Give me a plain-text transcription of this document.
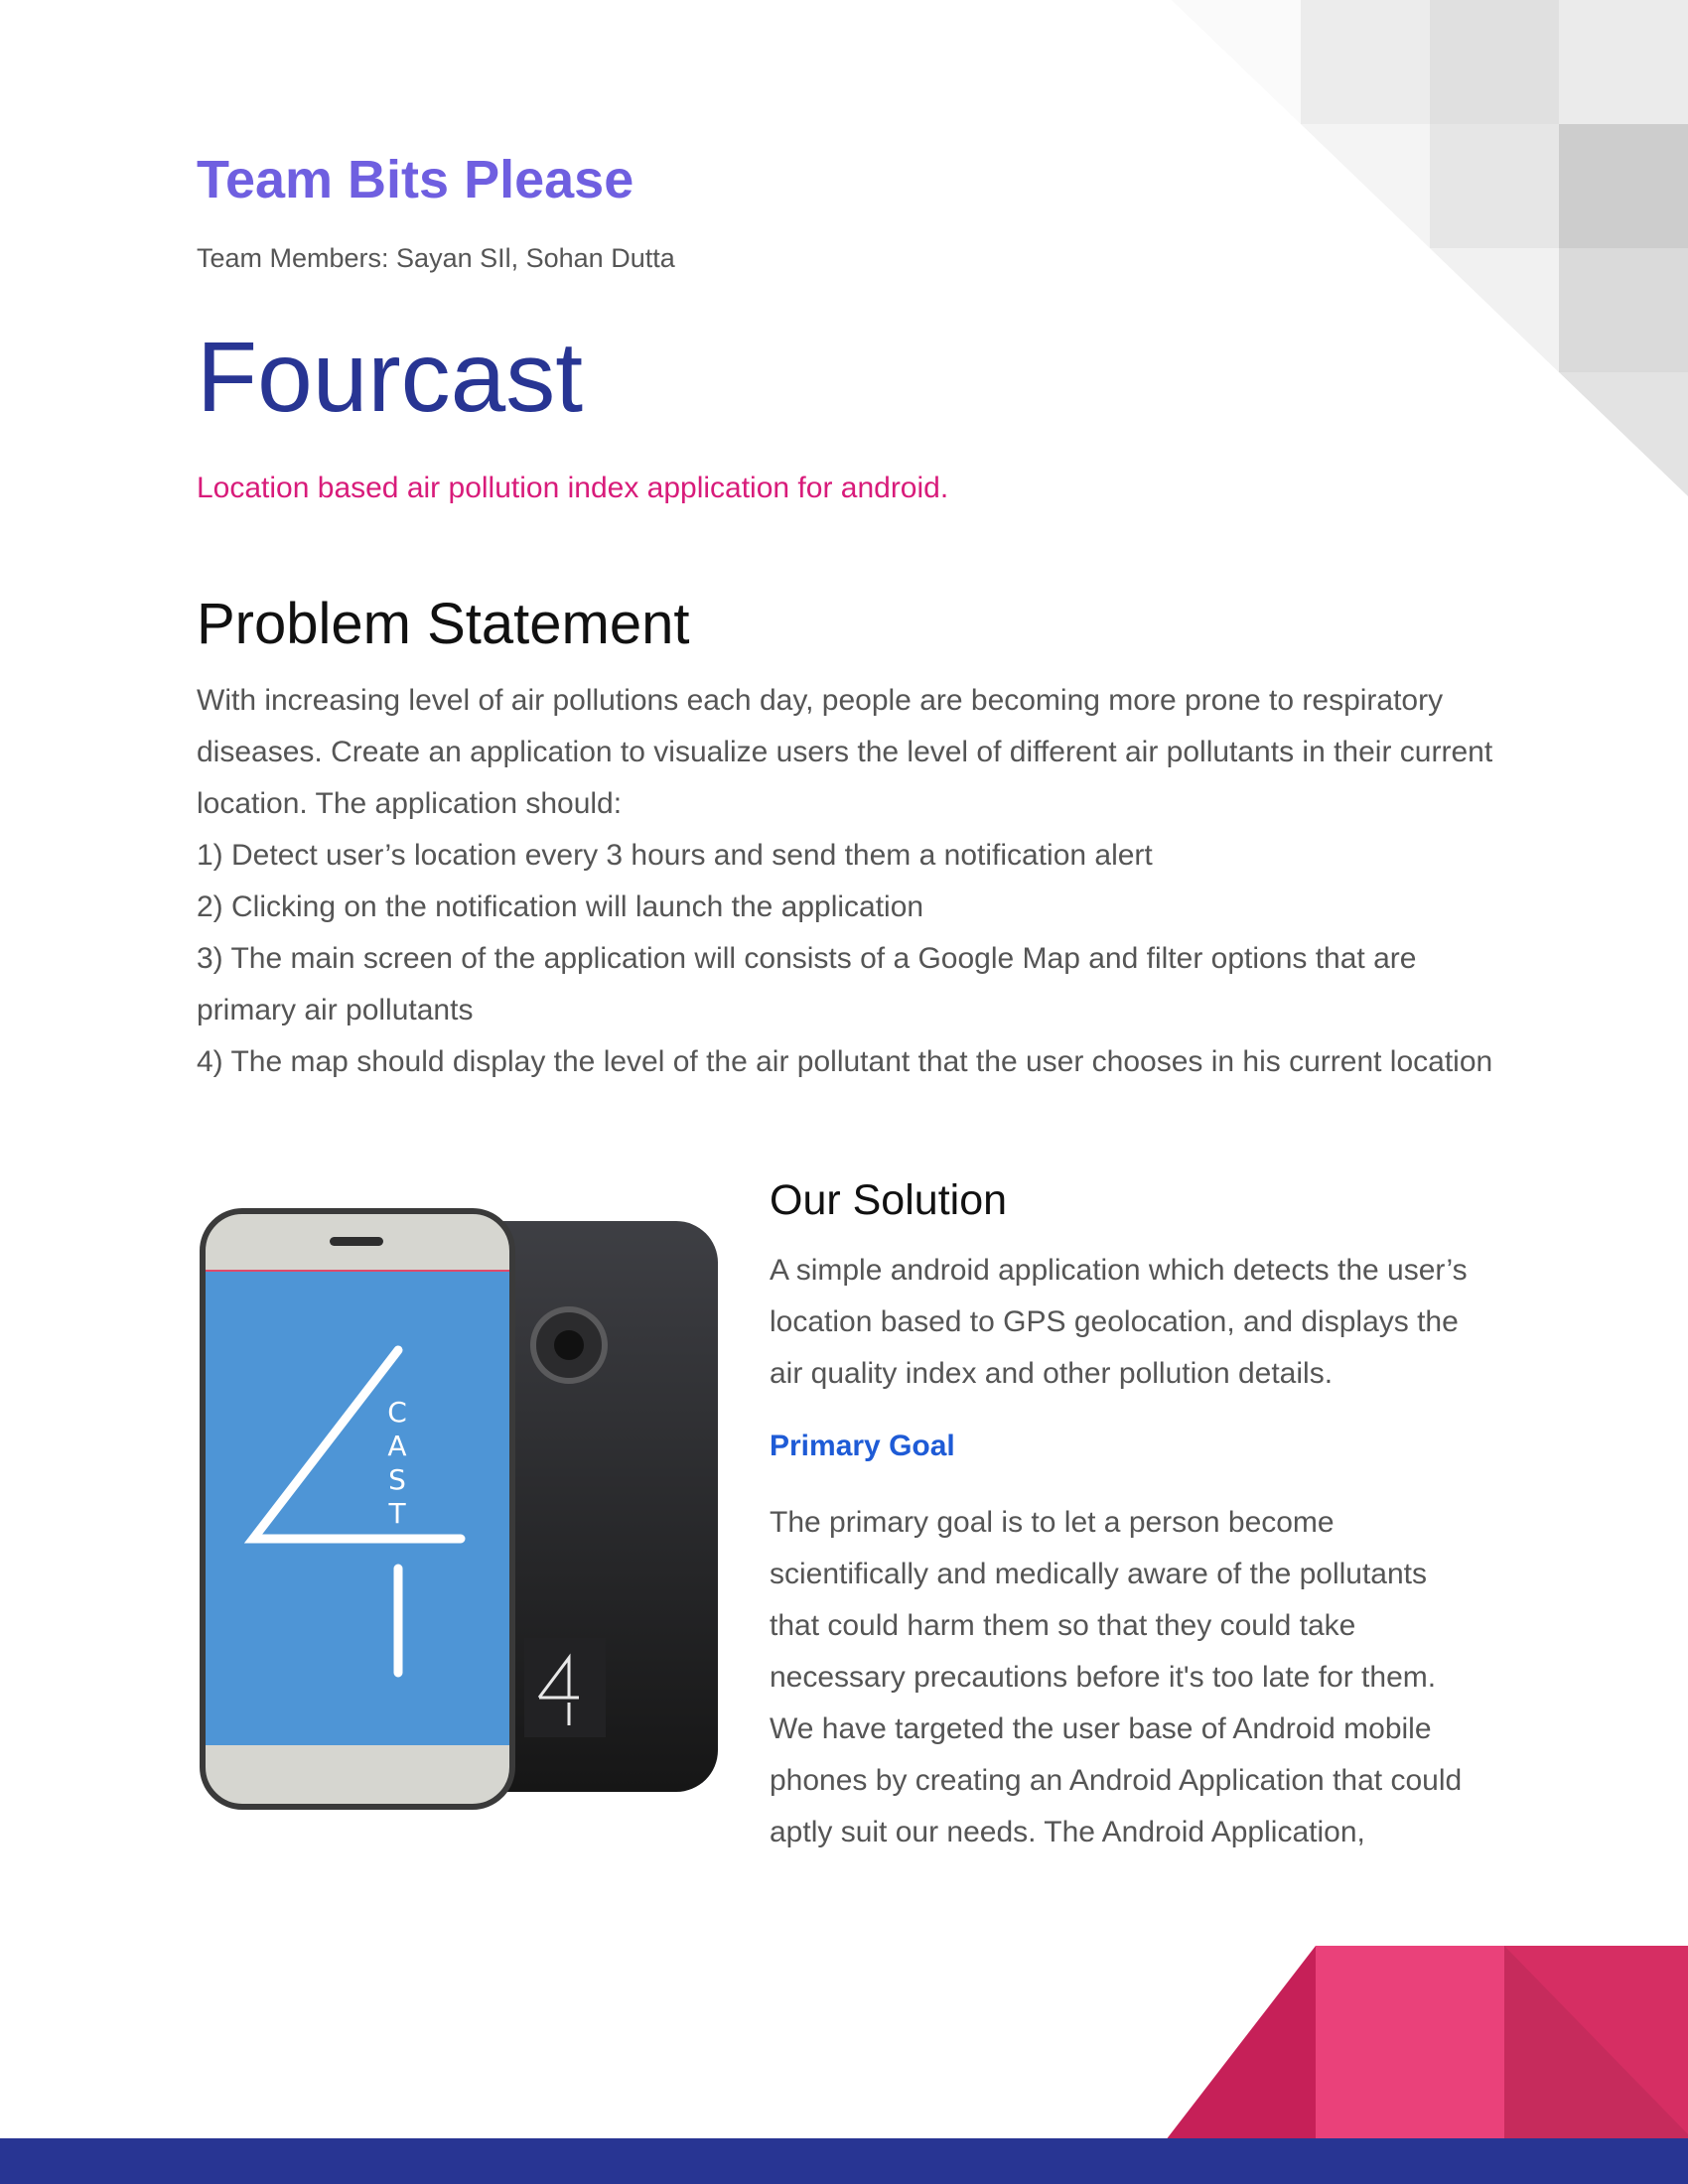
Team Bits Please
Team Members: Sayan SIl, Sohan Dutta
Fourcast
Location based air pollution index application for android.
Problem Statement

With increasing level of air pollutions each day, people are becoming more prone to respiratory diseases. Create an application to visualize users the level of different air pollutants in their current location. The application should:

1) Detect user’s location every 3 hours and send them a notification alert

2) Clicking on the notification will launch the application

3) The main screen of the application will consists of a Google Map and filter options that are primary air pollutants

4) The map should display the level of the air pollutant that the user chooses in his current location

C
A
S
T
Our Solution

A simple android application which detects the user’s location based to GPS geolocation, and displays the air quality index and other pollution details.

Primary Goal

The primary goal is to let a person become scientifically and medically aware of the pollutants that could harm them so that they could take necessary precautions before it's too late for them. We have targeted the user base of Android mobile phones by creating an Android Application that could aptly suit our needs. The Android Application,
